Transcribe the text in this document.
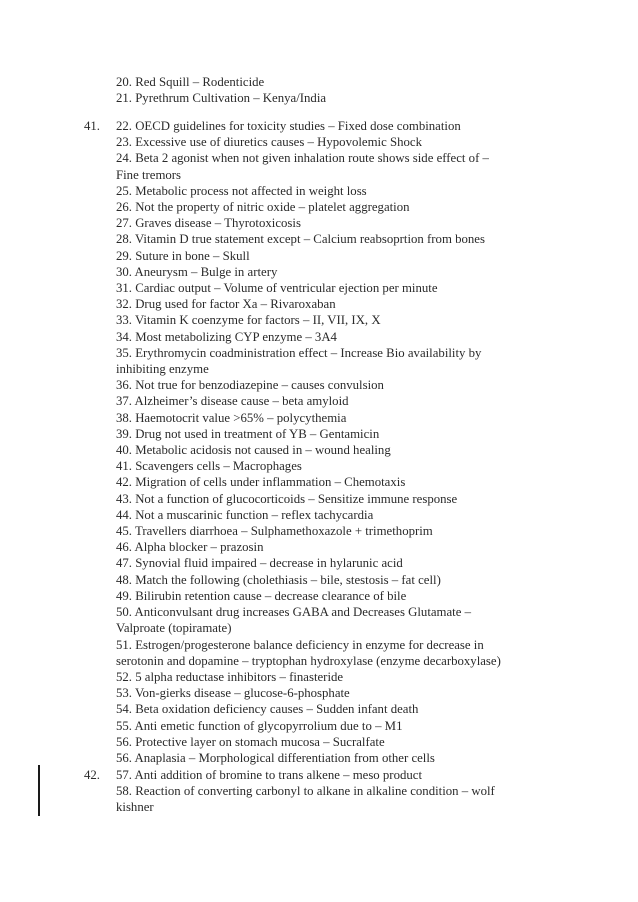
20. Red Squill – Rodenticide
21. Pyrethrum Cultivation – Kenya/India
41. 22. OECD guidelines for toxicity studies – Fixed dose combination
23. Excessive use of diuretics causes – Hypovolemic Shock
24. Beta 2 agonist when not given inhalation route shows side effect of –
Fine tremors
25. Metabolic process not affected in weight loss
26. Not the property of nitric oxide – platelet aggregation
27. Graves disease – Thyrotoxicosis
28. Vitamin D true statement except – Calcium reabsoprtion from bones
29. Suture in bone – Skull
30. Aneurysm – Bulge in artery
31. Cardiac output – Volume of ventricular ejection per minute
32. Drug used for factor Xa – Rivaroxaban
33. Vitamin K coenzyme for factors – II, VII, IX, X
34. Most metabolizing CYP enzyme – 3A4
35. Erythromycin coadministration effect – Increase Bio availability by
inhibiting enzyme
36. Not true for benzodiazepine – causes convulsion
37. Alzheimer’s disease cause – beta amyloid
38. Haemotocrit value >65% – polycythemia
39. Drug not used in treatment of YB – Gentamicin
40. Metabolic acidosis not caused in – wound healing
41. Scavengers cells – Macrophages
42. Migration of cells under inflammation – Chemotaxis
43. Not a function of glucocorticoids – Sensitize immune response
44. Not a muscarinic function – reflex tachycardia
45. Travellers diarrhoea – Sulphamethoxazole + trimethoprim
46. Alpha blocker – prazosin
47. Synovial fluid impaired – decrease in hylarunic acid
48. Match the following (cholethiasis – bile, stestosis – fat cell)
49. Bilirubin retention cause – decrease clearance of bile
50. Anticonvulsant drug increases GABA and Decreases Glutamate –
Valproate (topiramate)
51. Estrogen/progesterone balance deficiency in enzyme for decrease in
serotonin and dopamine – tryptophan hydroxylase (enzyme decarboxylase)
52. 5 alpha reductase inhibitors – finasteride
53. Von-gierks disease – glucose-6-phosphate
54. Beta oxidation deficiency causes – Sudden infant death
55. Anti emetic function of glycopyrrolium due to – M1
56. Protective layer on stomach mucosa – Sucralfate
56. Anaplasia – Morphological differentiation from other cells
42. 57. Anti addition of bromine to trans alkene – meso product
58. Reaction of converting carbonyl to alkane in alkaline condition – wolf
kishner
